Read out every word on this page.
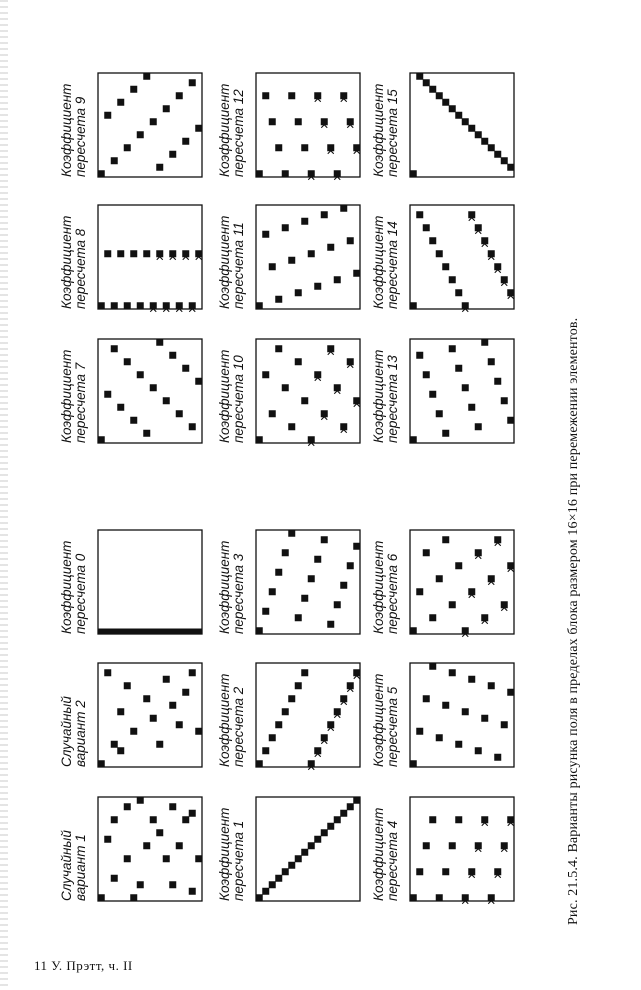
Случайный
вариант 1
Случайный
вариант 2
Коэффициент
пересчета 0
Коэффициент
пересчета 1
Коэффициент
пересчета 2
Коэффициент
пересчета 3
Коэффициент
пересчета 4
Коэффициент
пересчета 5
Коэффициент
пересчета 6
Коэффициент
пересчета 7
Коэффициент
пересчета 8
Коэффициент
пересчета 9
Коэффициент
пересчета 10
Коэффициент
пересчета 11
Коэффициент
пересчета 12
Коэффициент
пересчета 13
Коэффициент
пересчета 14
Коэффициент
пересчета 15
Рис. 21.5.4. Варианты рисунка поля в пределах блока размером 16×16 при перемежении элементов.
11 У. Прэтт, ч. II
